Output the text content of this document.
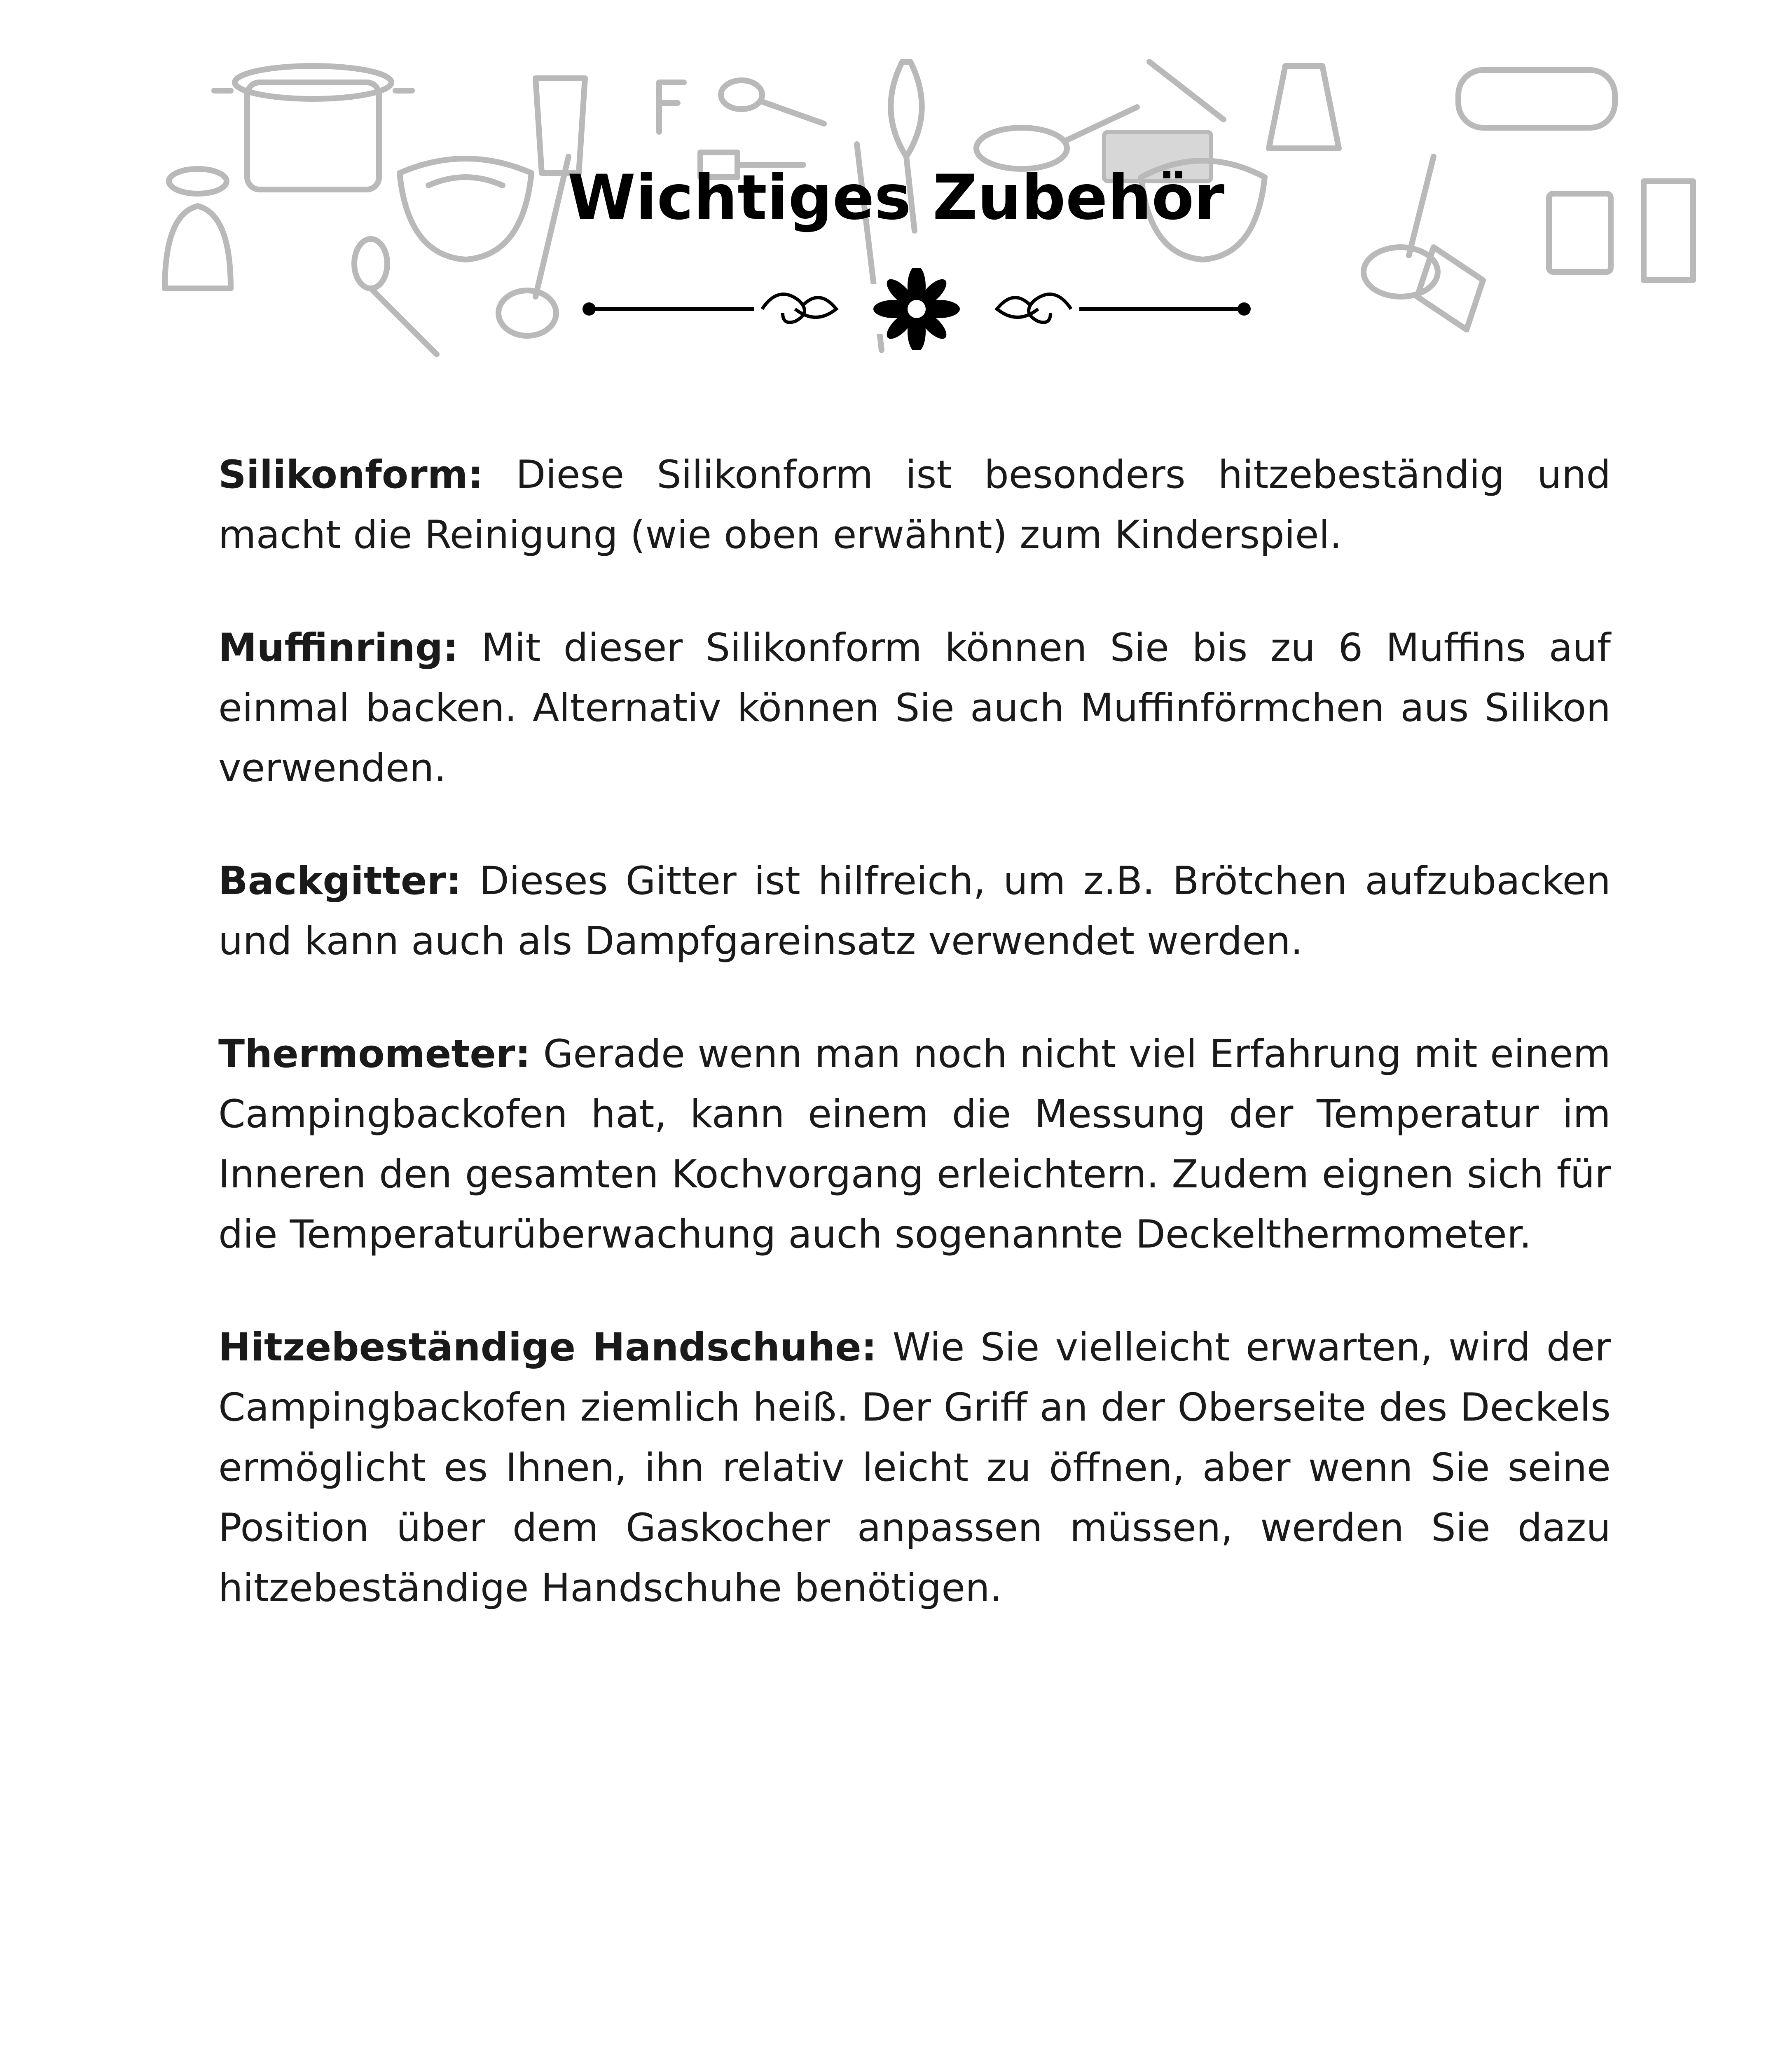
Wichtiges Zubehör

Silikonform: Diese Silikonform ist besonders hitzebeständig und macht die Reinigung (wie oben erwähnt) zum Kinderspiel.

Muffinring: Mit dieser Silikonform können Sie bis zu 6 Muffins auf einmal backen. Alternativ können Sie auch Muffinförmchen aus Silikon verwenden.

Backgitter: Dieses Gitter ist hilfreich, um z.B. Brötchen aufzubacken und kann auch als Dampfgareinsatz verwendet werden.

Thermometer: Gerade wenn man noch nicht viel Erfahrung mit einem Campingbackofen hat, kann einem die Messung der Temperatur im Inneren den gesamten Kochvorgang erleichtern. Zudem eignen sich für die Temperaturüberwachung auch sogenannte Deckelthermometer.

Hitzebeständige Handschuhe: Wie Sie vielleicht erwarten, wird der Campingbackofen ziemlich heiß. Der Griff an der Oberseite des Deckels ermöglicht es Ihnen, ihn relativ leicht zu öffnen, aber wenn Sie seine Position über dem Gaskocher anpassen müssen, werden Sie dazu hitzebeständige Handschuhe benötigen.
